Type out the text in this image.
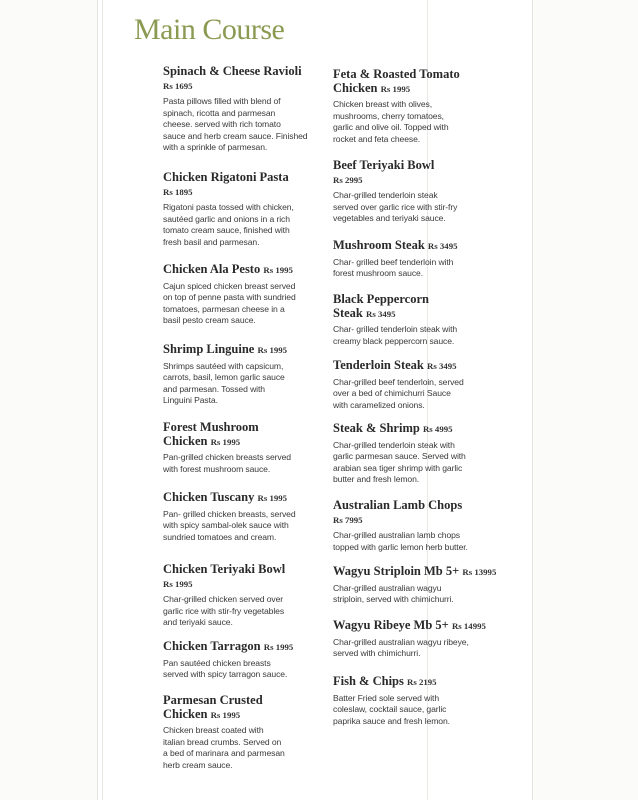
Main Course
Spinach & Cheese Ravioli
Rs 1695
Pasta pillows filled with blend of
spinach, ricotta and parmesan
cheese. served with rich tomato
sauce and herb cream sauce. Finished
with a sprinkle of parmesan.
Chicken Rigatoni Pasta
Rs 1895
Rigatoni pasta tossed with chicken,
sautéed garlic and onions in a rich
tomato cream sauce, finished with
fresh basil and parmesan.
Chicken Ala Pesto Rs 1995
Cajun spiced chicken breast served
on top of penne pasta with sundried
tomatoes, parmesan cheese in a
basil pesto cream sauce.
Shrimp Linguine Rs 1995
Shrimps sautéed with capsicum,
carrots, basil, lemon garlic sauce
and parmesan. Tossed with
Linguini Pasta.
Forest Mushroom
Chicken Rs 1995
Pan-grilled chicken breasts served
with forest mushroom sauce.
Chicken Tuscany Rs 1995
Pan- grilled chicken breasts, served
with spicy sambal-olek sauce with
sundried tomatoes and cream.
Chicken Teriyaki Bowl
Rs 1995
Char-grilled chicken served over
garlic rice with stir-fry vegetables
and teriyaki sauce.
Chicken Tarragon Rs 1995
Pan sautéed chicken breasts
served with spicy tarragon sauce.
Parmesan Crusted
Chicken Rs 1995
Chicken breast coated with
italian bread crumbs. Served on
a bed of marinara and parmesan
herb cream sauce.
Feta & Roasted Tomato
Chicken Rs 1995
Chicken breast with olives,
mushrooms, cherry tomatoes,
garlic and olive oil. Topped with
rocket and feta cheese.
Beef Teriyaki Bowl
Rs 2995
Char-grilled tenderloin steak
served over garlic rice with stir-fry
vegetables and teriyaki sauce.
Mushroom Steak Rs 3495
Char- grilled beef tenderloin with
forest mushroom sauce.
Black Peppercorn
Steak Rs 3495
Char- grilled tenderloin steak with
creamy black peppercorn sauce.
Tenderloin Steak Rs 3495
Char-grilled beef tenderloin, served
over a bed of chimichurri Sauce
with caramelized onions.
Steak & Shrimp Rs 4995
Char-grilled tenderloin steak with
garlic parmesan sauce. Served with
arabian sea tiger shrimp with garlic
butter and fresh lemon.
Australian Lamb Chops
Rs 7995
Char-grilled australian lamb chops
topped with garlic lemon herb butter.
Wagyu Striploin Mb 5+ Rs 13995
Char-grilled australian wagyu
striploin, served with chimichurri.
Wagyu Ribeye Mb 5+ Rs 14995
Char-grilled australian wagyu ribeye,
served with chimichurri.
Fish & Chips Rs 2195
Batter Fried sole served with
coleslaw, cocktail sauce, garlic
paprika sauce and fresh lemon.
